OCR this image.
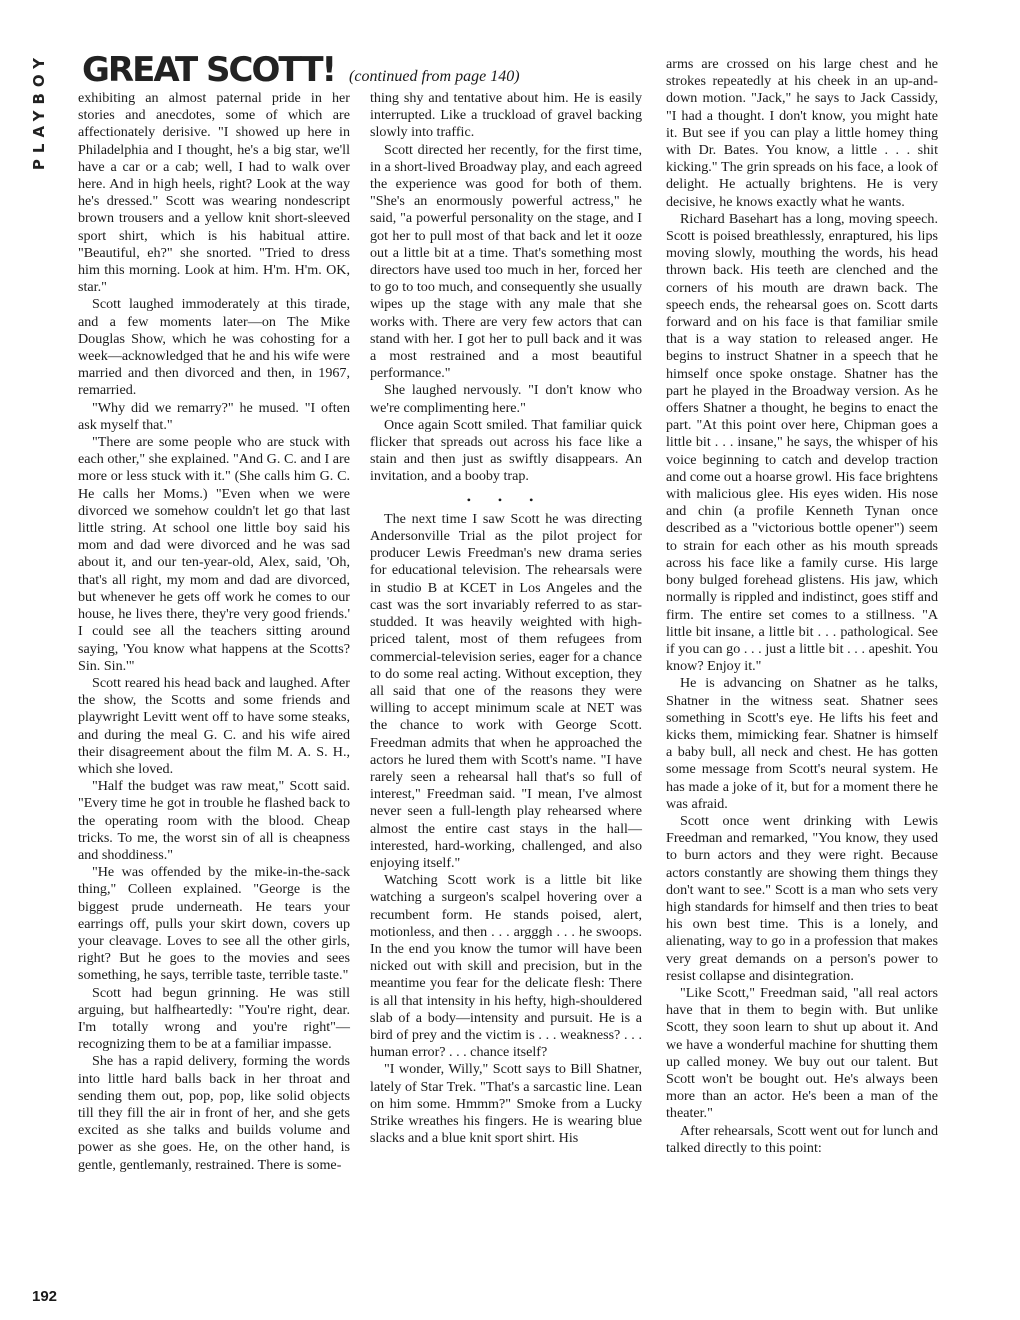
PLAYBOY	GREAT SCOTT! (continued from page 140)

exhibiting an almost paternal pride in her stories and anecdotes, some of which are affectionately derisive. "I showed up here in Philadelphia and I thought, he's a big star, we'll have a car or a cab; well, I had to walk over here. And in high heels, right? Look at the way he's dressed." Scott was wearing nondescript brown trousers and a yellow knit short-sleeved sport shirt, which is his habitual attire. "Beautiful, eh?" she snorted. "Tried to dress him this morning. Look at him. H'm. H'm. OK, star."

Scott laughed immoderately at this tirade, and a few moments later—on The Mike Douglas Show, which he was cohosting for a week—acknowledged that he and his wife were married and then divorced and then, in 1967, remarried.

"Why did we remarry?" he mused. "I often ask myself that."

"There are some people who are stuck with each other," she explained. "And G. C. and I are more or less stuck with it." (She calls him G. C. He calls her Moms.) "Even when we were divorced we somehow couldn't let go that last little string. At school one little boy said his mom and dad were divorced and he was sad about it, and our ten-year-old, Alex, said, 'Oh, that's all right, my mom and dad are divorced, but whenever he gets off work he comes to our house, he lives there, they're very good friends.' I could see all the teachers sitting around saying, 'You know what happens at the Scotts? Sin. Sin.'"

Scott reared his head back and laughed. After the show, the Scotts and some friends and playwright Levitt went off to have some steaks, and during the meal G. C. and his wife aired their disagreement about the film M. A. S. H., which she loved.

"Half the budget was raw meat," Scott said. "Every time he got in trouble he flashed back to the operating room with the blood. Cheap tricks. To me, the worst sin of all is cheapness and shoddiness."

"He was offended by the mike-in-the-sack thing," Colleen explained. "George is the biggest prude underneath. He tears your earrings off, pulls your skirt down, covers up your cleavage. Loves to see all the other girls, right? But he goes to the movies and sees something, he says, terrible taste, terrible taste."

Scott had begun grinning. He was still arguing, but halfheartedly: "You're right, dear. I'm totally wrong and you're right"—recognizing them to be at a familiar impasse.

She has a rapid delivery, forming the words into little hard balls back in her throat and sending them out, pop, pop, like solid objects till they fill the air in front of her, and she gets excited as she talks and builds volume and power as she goes. He, on the other hand, is gentle, gentlemanly, restrained. There is some-

thing shy and tentative about him. He is easily interrupted. Like a truckload of gravel backing slowly into traffic.

Scott directed her recently, for the first time, in a short-lived Broadway play, and each agreed the experience was good for both of them. "She's an enormously powerful actress," he said, "a powerful personality on the stage, and I got her to pull most of that back and let it ooze out a little bit at a time. That's something most directors have used too much in her, forced her to go to too much, and consequently she usually wipes up the stage with any male that she works with. There are very few actors that can stand with her. I got her to pull back and it was a most restrained and a most beautiful performance."

She laughed nervously. "I don't know who we're complimenting here."

Once again Scott smiled. That familiar quick flicker that spreads out across his face like a stain and then just as swiftly disappears. An invitation, and a booby trap.

• • •

The next time I saw Scott he was directing Andersonville Trial as the pilot project for producer Lewis Freedman's new drama series for educational television. The rehearsals were in studio B at KCET in Los Angeles and the cast was the sort invariably referred to as star-studded. It was heavily weighted with high-priced talent, most of them refugees from commercial-television series, eager for a chance to do some real acting. Without exception, they all said that one of the reasons they were willing to accept minimum scale at NET was the chance to work with George Scott. Freedman admits that when he approached the actors he lured them with Scott's name. "I have rarely seen a rehearsal hall that's so full of interest," Freedman said. "I mean, I've almost never seen a full-length play rehearsed where almost the entire cast stays in the hall—interested, hard-working, challenged, and also enjoying itself."

Watching Scott work is a little bit like watching a surgeon's scalpel hovering over a recumbent form. He stands poised, alert, motionless, and then . . . argggh . . . he swoops. In the end you know the tumor will have been nicked out with skill and precision, but in the meantime you fear for the delicate flesh: There is all that intensity in his hefty, high-shouldered slab of a body—intensity and pursuit. He is a bird of prey and the victim is . . . weakness? . . . human error? . . . chance itself?

"I wonder, Willy," Scott says to Bill Shatner, lately of Star Trek. "That's a sarcastic line. Lean on him some. Hmmm?" Smoke from a Lucky Strike wreathes his fingers. He is wearing blue slacks and a blue knit sport shirt. His

arms are crossed on his large chest and he strokes repeatedly at his cheek in an up-and-down motion. "Jack," he says to Jack Cassidy, "I had a thought. I don't know, you might hate it. But see if you can play a little homey thing with Dr. Bates. You know, a little . . . shit kicking." The grin spreads on his face, a look of delight. He actually brightens. He is very decisive, he knows exactly what he wants.

Richard Basehart has a long, moving speech. Scott is poised breathlessly, enraptured, his lips moving slowly, mouthing the words, his head thrown back. His teeth are clenched and the corners of his mouth are drawn back. The speech ends, the rehearsal goes on. Scott darts forward and on his face is that familiar smile that is a way station to released anger. He begins to instruct Shatner in a speech that he himself once spoke onstage. Shatner has the part he played in the Broadway version. As he offers Shatner a thought, he begins to enact the part. "At this point over here, Chipman goes a little bit . . . insane," he says, the whisper of his voice beginning to catch and develop traction and come out a hoarse growl. His face brightens with malicious glee. His eyes widen. His nose and chin (a profile Kenneth Tynan once described as a "victorious bottle opener") seem to strain for each other as his mouth spreads across his face like a family curse. His large bony bulged forehead glistens. His jaw, which normally is rippled and indistinct, goes stiff and firm. The entire set comes to a stillness. "A little bit insane, a little bit . . . pathological. See if you can go . . . just a little bit . . . apeshit. You know? Enjoy it."

He is advancing on Shatner as he talks, Shatner in the witness seat. Shatner sees something in Scott's eye. He lifts his feet and kicks them, mimicking fear. Shatner is himself a baby bull, all neck and chest. He has gotten some message from Scott's neural system. He has made a joke of it, but for a moment there he was afraid.

Scott once went drinking with Lewis Freedman and remarked, "You know, they used to burn actors and they were right. Because actors constantly are showing them things they don't want to see." Scott is a man who sets very high standards for himself and then tries to beat his own best time. This is a lonely, and alienating, way to go in a profession that makes very great demands on a person's power to resist collapse and disintegration.

"Like Scott," Freedman said, "all real actors have that in them to begin with. But unlike Scott, they soon learn to shut up about it. And we have a wonderful machine for shutting them up called money. We buy out our talent. But Scott won't be bought out. He's always been more than an actor. He's been a man of the theater."

After rehearsals, Scott went out for lunch and talked directly to this point:

192
